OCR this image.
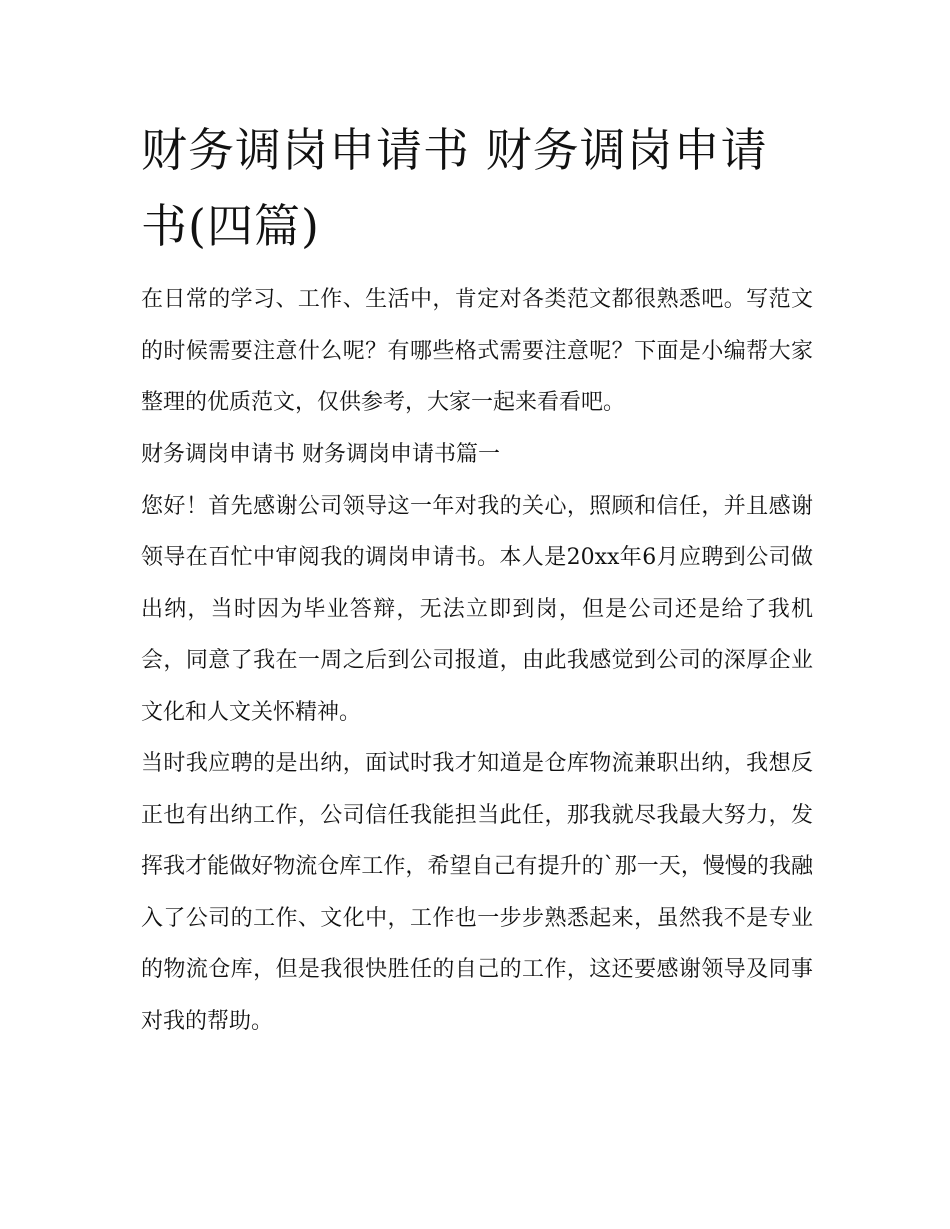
财务调岗申请书 财务调岗申请书(四篇)

在日常的学习、工作、生活中，肯定对各类范文都很熟悉吧。写范文的时候需要注意什么呢？有哪些格式需要注意呢？下面是小编帮大家整理的优质范文，仅供参考，大家一起来看看吧。

财务调岗申请书 财务调岗申请书篇一

您好！首先感谢公司领导这一年对我的关心，照顾和信任，并且感谢领导在百忙中审阅我的调岗申请书。本人是20xx年6月应聘到公司做出纳，当时因为毕业答辩，无法立即到岗，但是公司还是给了我机会，同意了我在一周之后到公司报道，由此我感觉到公司的深厚企业文化和人文关怀精神。

当时我应聘的是出纳，面试时我才知道是仓库物流兼职出纳，我想反正也有出纳工作，公司信任我能担当此任，那我就尽我最大努力，发挥我才能做好物流仓库工作，希望自己有提升的`那一天，慢慢的我融入了公司的工作、文化中，工作也一步步熟悉起来，虽然我不是专业的物流仓库，但是我很快胜任的自己的工作，这还要感谢领导及同事对我的帮助。
